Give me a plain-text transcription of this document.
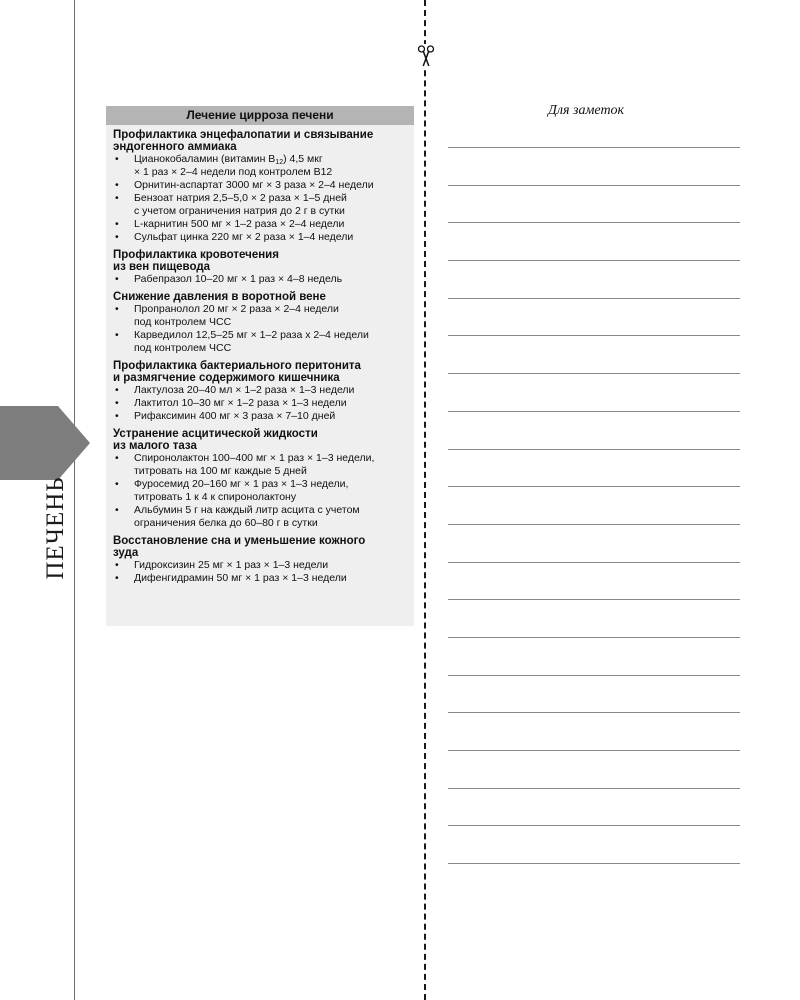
ПЕЧЕНЬ
Лечение цирроза печени
Профилактика энцефалопатии и связывание
эндогенного аммиака
• Цианокобаламин (витамин $B_{12}$) 4,5 мкг
× 1 раз × 2–4 недели под контролем В12
• Орнитин-аспартат 3000 мг × 3 раза × 2–4 недели
• Бензоат натрия 2,5–5,0 × 2 раза × 1–5 дней
с учетом ограничения натрия до 2 г в сутки
• L-карнитин 500 мг × 1–2 раза × 2–4 недели
• Сульфат цинка 220 мг × 2 раза × 1–4 недели
Профилактика кровотечения
из вен пищевода
• Рабепразол 10–20 мг × 1 раз × 4–8 недель
Снижение давления в воротной вене
• Пропранолол 20 мг × 2 раза × 2–4 недели
под контролем ЧСС
• Карведилол 12,5–25 мг × 1–2 раза x 2–4 недели
под контролем ЧСС
Профилактика бактериального перитонита
и размягчение содержимого кишечника
• Лактулоза 20–40 мл × 1–2 раза × 1–3 недели
• Лактитол 10–30 мг × 1–2 раза × 1–3 недели
• Рифаксимин 400 мг × 3 раза × 7–10 дней
Устранение асцитической жидкости
из малого таза
• Спиронолактон 100–400 мг × 1 раз × 1–3 недели,
титровать на 100 мг каждые 5 дней
• Фуросемид 20–160 мг × 1 раз × 1–3 недели,
титровать 1 к 4 к спиронолактону
• Альбумин 5 г на каждый литр асцита с учетом
ограничения белка до 60–80 г в сутки
Восстановление сна и уменьшение кожного
зуда
• Гидроксизин 25 мг × 1 раз × 1–3 недели
• Дифенгидрамин 50 мг × 1 раз × 1–3 недели
Для заметок
